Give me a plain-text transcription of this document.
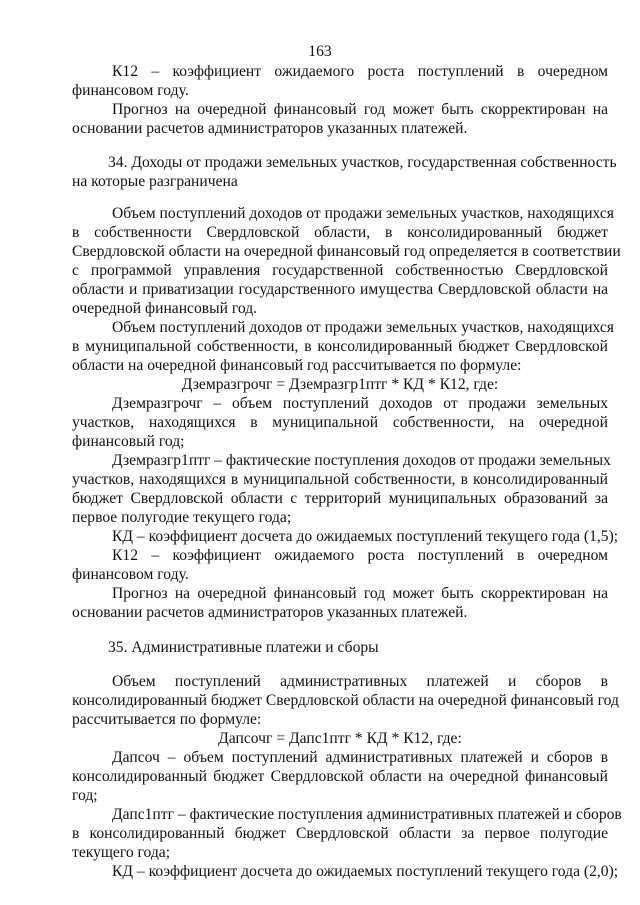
163
К12 – коэффициент ожидаемого роста поступлений в очередном
финансовом году.
Прогноз на очередной финансовый год может быть скорректирован на
основании расчетов администраторов указанных платежей.
34. Доходы от продажи земельных участков, государственная собственность
на которые разграничена
Объем поступлений доходов от продажи земельных участков, находящихся
в собственности Свердловской области, в консолидированный бюджет
Свердловской области на очередной финансовый год определяется в соответствии
с программой управления государственной собственностью Свердловской
области и приватизации государственного имущества Свердловской области на
очередной финансовый год.
Объем поступлений доходов от продажи земельных участков, находящихся
в муниципальной собственности, в консолидированный бюджет Свердловской
области на очередной финансовый год рассчитывается по формуле:
Дземразгрочг = Дземразгр1птг * КД * К12, где:
Дземразгрочг – объем поступлений доходов от продажи земельных
участков, находящихся в муниципальной собственности, на очередной
финансовый год;
Дземразгр1птг – фактические поступления доходов от продажи земельных
участков, находящихся в муниципальной собственности, в консолидированный
бюджет Свердловской области с территорий муниципальных образований за
первое полугодие текущего года;
КД – коэффициент досчета до ожидаемых поступлений текущего года (1,5);
К12 – коэффициент ожидаемого роста поступлений в очередном
финансовом году.
Прогноз на очередной финансовый год может быть скорректирован на
основании расчетов администраторов указанных платежей.
35. Административные платежи и сборы
Объем поступлений административных платежей и сборов в
консолидированный бюджет Свердловской области на очередной финансовый год
рассчитывается по формуле:
Дапсочг = Дапс1птг * КД * К12, где:
Дапсоч – объем поступлений административных платежей и сборов в
консолидированный бюджет Свердловской области на очередной финансовый
год;
Дапс1птг – фактические поступления административных платежей и сборов
в консолидированный бюджет Свердловской области за первое полугодие
текущего года;
КД – коэффициент досчета до ожидаемых поступлений текущего года (2,0);
